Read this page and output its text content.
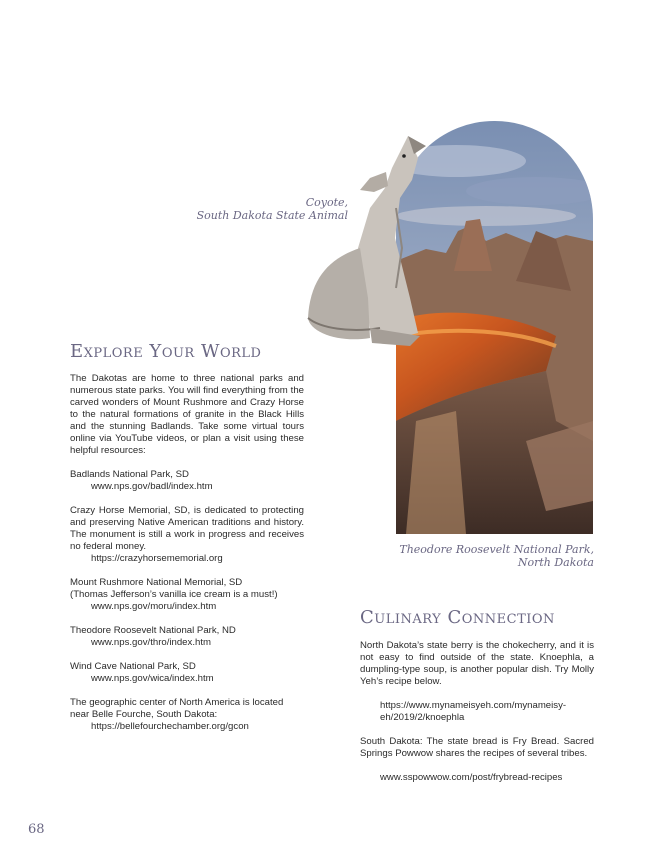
Coyote,
South Dakota State Animal
Theodore Roosevelt National Park,
North Dakota
Explore Your World

The Dakotas are home to three national parks and numerous state parks. You will find everything from the carved wonders of Mount Rushmore and Crazy Horse to the natural formations of granite in the Black Hills and the stunning Badlands. Take some virtual tours online via YouTube videos, or plan a visit using these helpful resources:

Badlands National Park, SD

www.nps.gov/badl/index.htm

Crazy Horse Memorial, SD, is dedicated to protecting and preserving Native American traditions and history. The monument is still a work in progress and receives no federal money.

https://crazyhorsememorial.org

Mount Rushmore National Memorial, SD

(Thomas Jefferson’s vanilla ice cream is a must!)

www.nps.gov/moru/index.htm

Theodore Roosevelt National Park, ND

www.nps.gov/thro/index.htm

Wind Cave National Park, SD

www.nps.gov/wica/index.htm

The geographic center of North America is located near Belle Fourche, South Dakota:

https://bellefourchechamber.org/gcon

Culinary Connection

North Dakota’s state berry is the chokecherry, and it is not easy to find outside of the state. Knoephla, a dumpling-type soup, is another popular dish. Try Molly Yeh’s recipe below.

https://www.mynameisyeh.com/mynameisy-

eh/2019/2/knoephla

South Dakota: The state bread is Fry Bread. Sacred Springs Powwow shares the recipes of several tribes.

www.sspowwow.com/post/frybread-recipes

68
